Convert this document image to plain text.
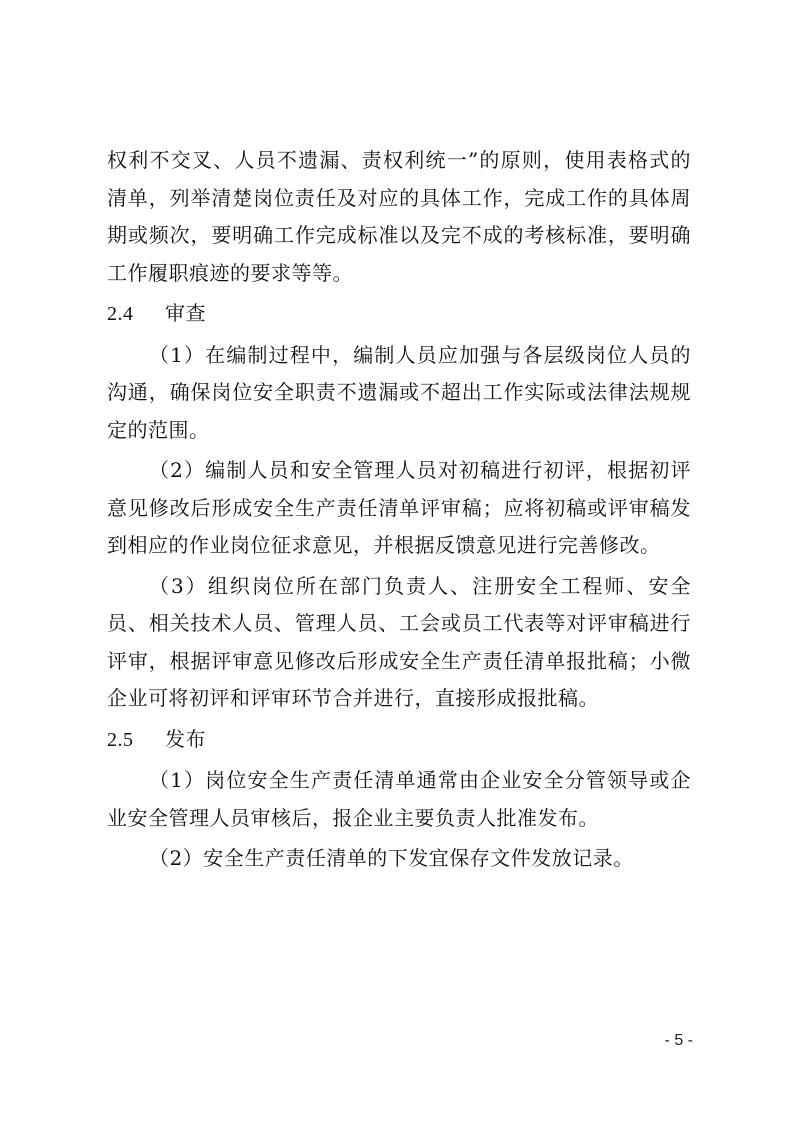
权利不交叉、人员不遗漏、责权利统一”的原则，使用表格式的清单，列举清楚岗位责任及对应的具体工作，完成工作的具体周期或频次，要明确工作完成标准以及完不成的考核标准，要明确工作履职痕迹的要求等等。

2.4 审查

（1）在编制过程中，编制人员应加强与各层级岗位人员的沟通，确保岗位安全职责不遗漏或不超出工作实际或法律法规规定的范围。

（2）编制人员和安全管理人员对初稿进行初评，根据初评意见修改后形成安全生产责任清单评审稿；应将初稿或评审稿发到相应的作业岗位征求意见，并根据反馈意见进行完善修改。

（3）组织岗位所在部门负责人、注册安全工程师、安全员、相关技术人员、管理人员、工会或员工代表等对评审稿进行评审，根据评审意见修改后形成安全生产责任清单报批稿；小微企业可将初评和评审环节合并进行，直接形成报批稿。

2.5 发布

（1）岗位安全生产责任清单通常由企业安全分管领导或企业安全管理人员审核后，报企业主要负责人批准发布。

（2）安全生产责任清单的下发宜保存文件发放记录。

- 5 -
